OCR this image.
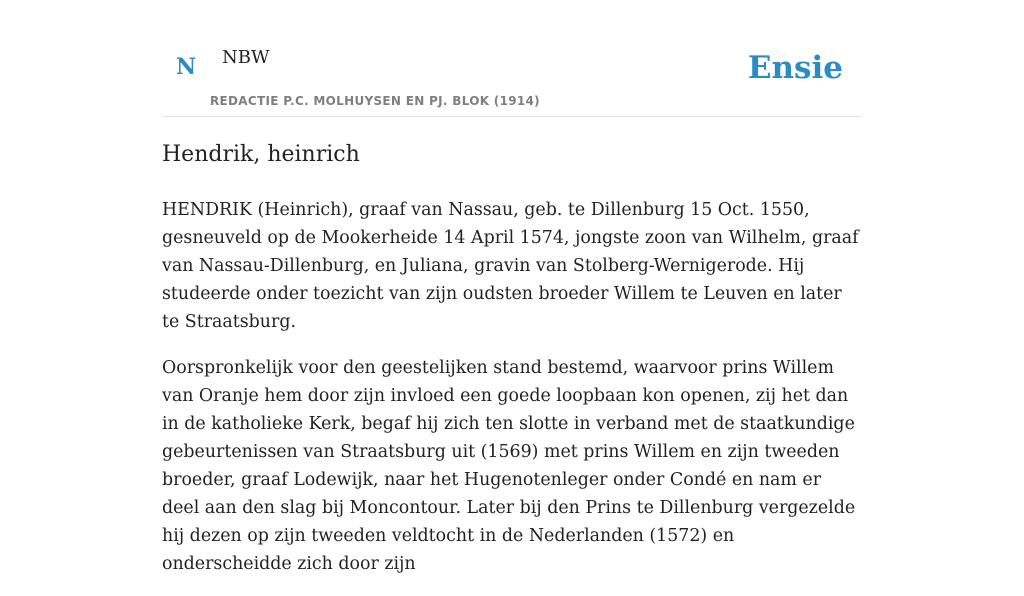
N NBW
REDACTIE P.C. MOLHUYSEN EN PJ. BLOK (1914)
Ensie
Hendrik, heinrich

HENDRIK (Heinrich), graaf van Nassau, geb. te Dillenburg 15 Oct. 1550, gesneuveld op de Mookerheide 14 April 1574, jongste zoon van Wilhelm, graaf van Nassau-Dillenburg, en Juliana, gravin van Stolberg-Wernigerode. Hij studeerde onder toezicht van zijn oudsten broeder Willem te Leuven en later te Straatsburg.

Oorspronkelijk voor den geestelijken stand bestemd, waarvoor prins Willem van Oranje hem door zijn invloed een goede loopbaan kon openen, zij het dan in de katholieke Kerk, begaf hij zich ten slotte in verband met de staatkundige gebeurtenissen van Straatsburg uit (1569) met prins Willem en zijn tweeden broeder, graaf Lodewijk, naar het Hugenotenleger onder Condé en nam er deel aan den slag bij Moncontour. Later bij den Prins te Dillenburg vergezelde hij dezen op zijn tweeden veldtocht in de Nederlanden (1572) en onderscheidde zich door zijn
